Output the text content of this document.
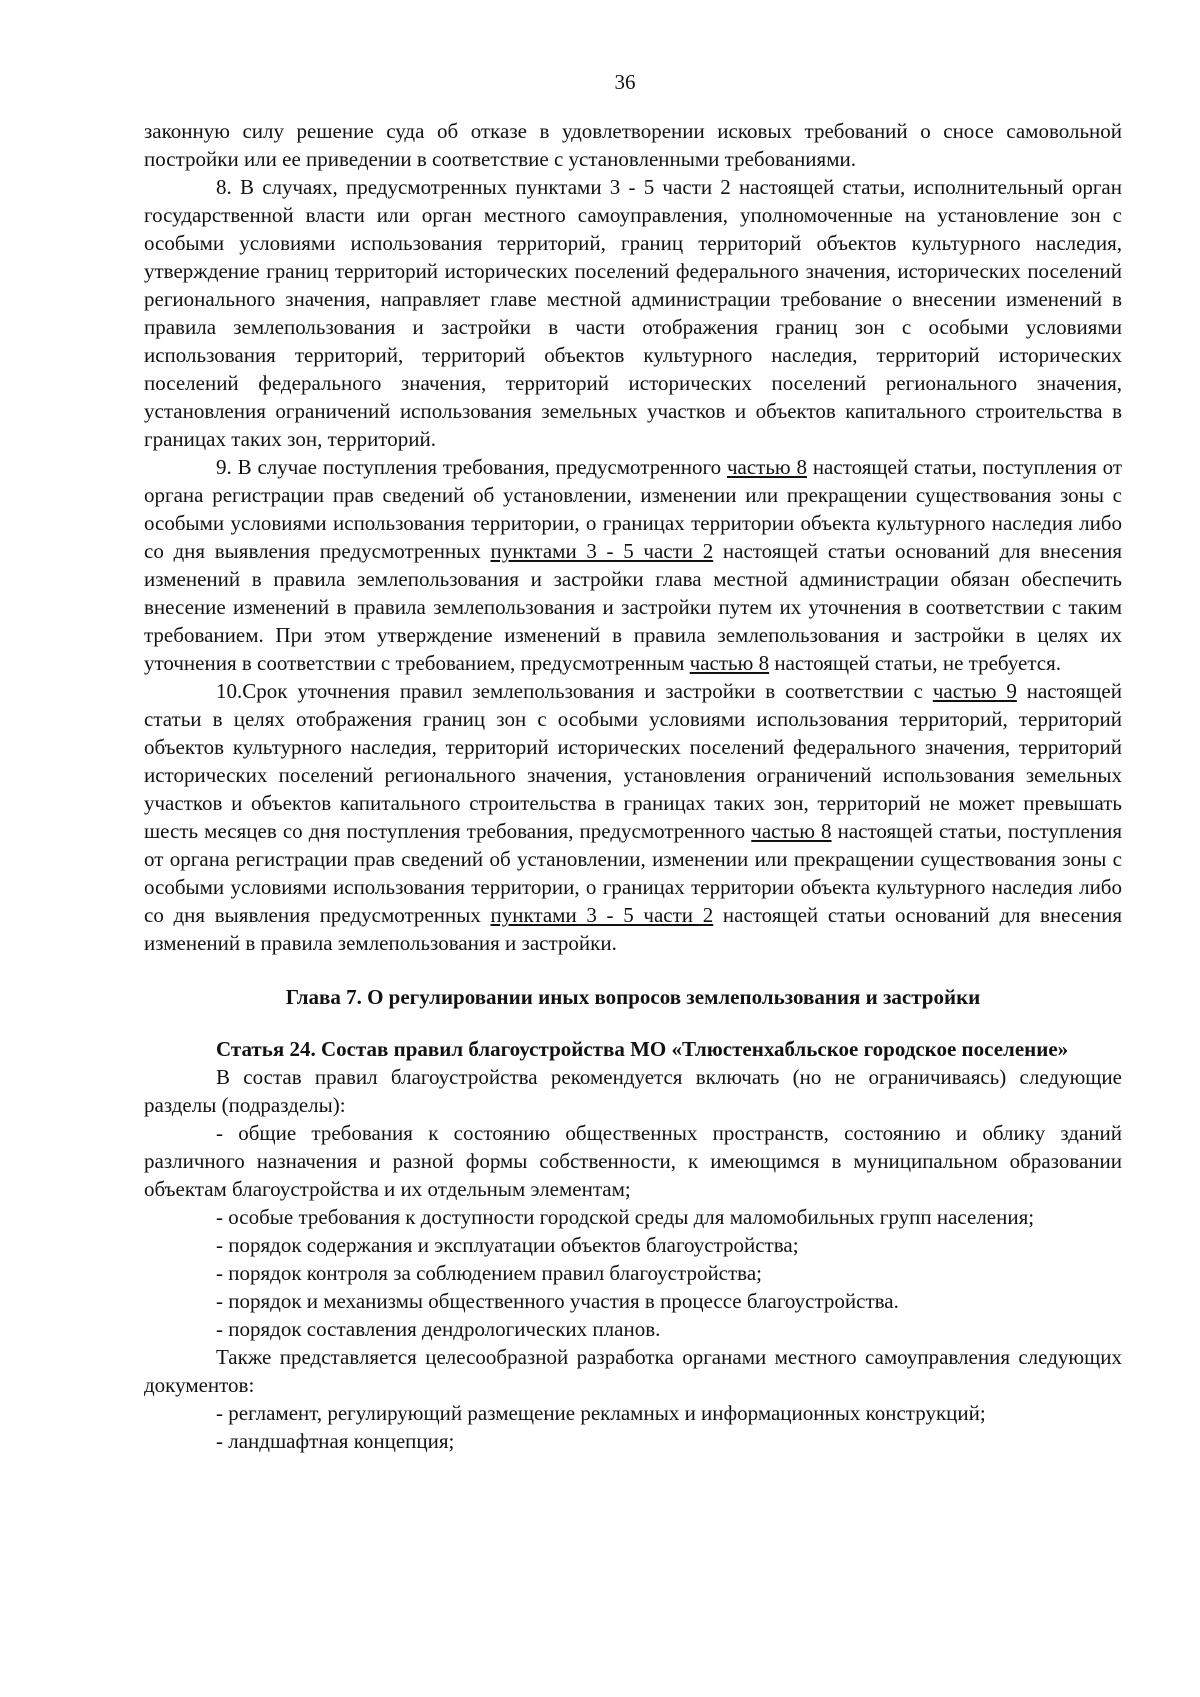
36

законную силу решение суда об отказе в удовлетворении исковых требований о сносе самовольной постройки или ее приведении в соответствие с установленными требованиями.

8. В случаях, предусмотренных пунктами 3 - 5 части 2 настоящей статьи, исполнительный орган государственной власти или орган местного самоуправления, уполномоченные на установление зон с особыми условиями использования территорий, границ территорий объектов культурного наследия, утверждение границ территорий исторических поселений федерального значения, исторических поселений регионального значения, направляет главе местной администрации требование о внесении изменений в правила землепользования и застройки в части отображения границ зон с особыми условиями использования территорий, территорий объектов культурного наследия, территорий исторических поселений федерального значения, территорий исторических поселений регионального значения, установления ограничений использования земельных участков и объектов капитального строительства в границах таких зон, территорий.

9. В случае поступления требования, предусмотренного частью 8 настоящей статьи, поступления от органа регистрации прав сведений об установлении, изменении или прекращении существования зоны с особыми условиями использования территории, о границах территории объекта культурного наследия либо со дня выявления предусмотренных пунктами 3 - 5 части 2 настоящей статьи оснований для внесения изменений в правила землепользования и застройки глава местной администрации обязан обеспечить внесение изменений в правила землепользования и застройки путем их уточнения в соответствии с таким требованием. При этом утверждение изменений в правила землепользования и застройки в целях их уточнения в соответствии с требованием, предусмотренным частью 8 настоящей статьи, не требуется.

10.Срок уточнения правил землепользования и застройки в соответствии с частью 9 настоящей статьи в целях отображения границ зон с особыми условиями использования территорий, территорий объектов культурного наследия, территорий исторических поселений федерального значения, территорий исторических поселений регионального значения, установления ограничений использования земельных участков и объектов капитального строительства в границах таких зон, территорий не может превышать шесть месяцев со дня поступления требования, предусмотренного частью 8 настоящей статьи, поступления от органа регистрации прав сведений об установлении, изменении или прекращении существования зоны с особыми условиями использования территории, о границах территории объекта культурного наследия либо со дня выявления предусмотренных пунктами 3 - 5 части 2 настоящей статьи оснований для внесения изменений в правила землепользования и застройки.

Глава 7. О регулировании иных вопросов землепользования и застройки
Статья 24. Состав правил благоустройства МО «Тлюстенхабльское городское поселение»

В состав правил благоустройства рекомендуется включать (но не ограничиваясь) следующие разделы (подразделы):

- общие требования к состоянию общественных пространств, состоянию и облику зданий различного назначения и разной формы собственности, к имеющимся в муниципальном образовании объектам благоустройства и их отдельным элементам;

- особые требования к доступности городской среды для маломобильных групп населения;

- порядок содержания и эксплуатации объектов благоустройства;

- порядок контроля за соблюдением правил благоустройства;

- порядок и механизмы общественного участия в процессе благоустройства.

- порядок составления дендрологических планов.

Также представляется целесообразной разработка органами местного самоуправления следующих документов:

- регламент, регулирующий размещение рекламных и информационных конструкций;

- ландшафтная концепция;
